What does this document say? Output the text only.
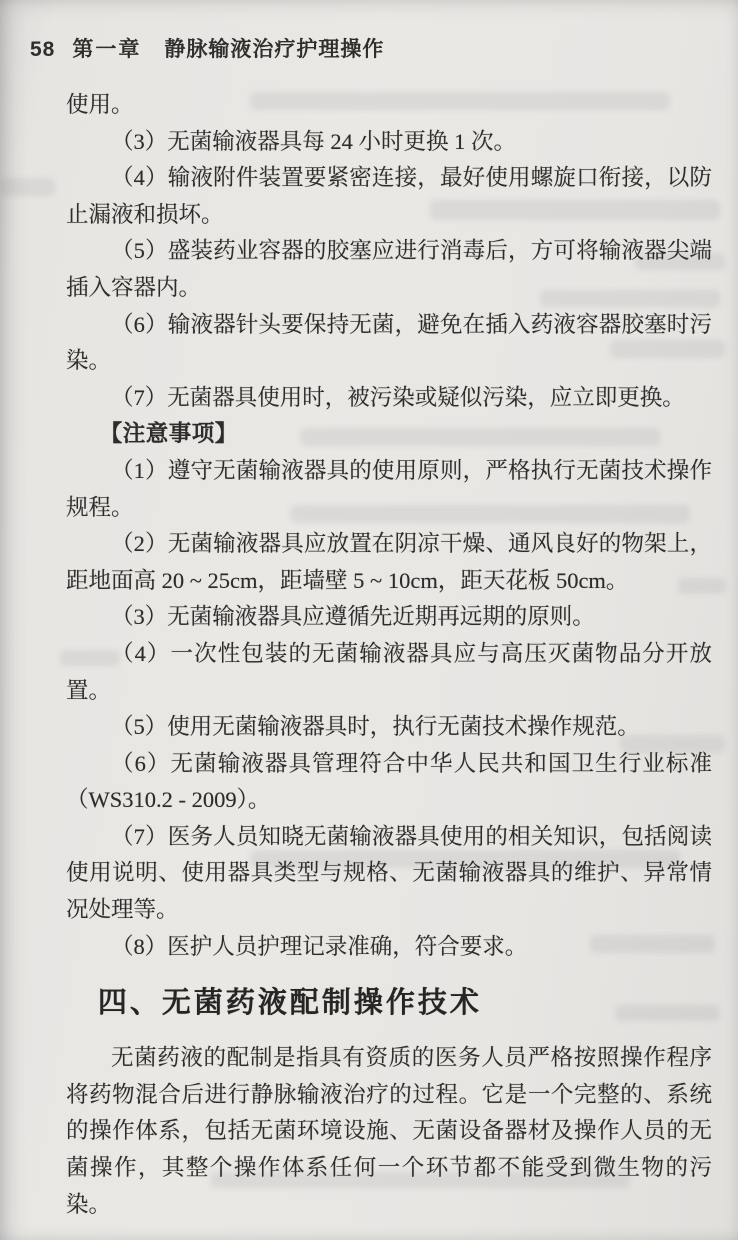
58 第一章 静脉输液治疗护理操作

使用。

（3）无菌输液器具每 24 小时更换 1 次。

（4）输液附件装置要紧密连接，最好使用螺旋口衔接，以防止漏液和损坏。

（5）盛装药业容器的胶塞应进行消毒后，方可将输液器尖端插入容器内。

（6）输液器针头要保持无菌，避免在插入药液容器胶塞时污染。

（7）无菌器具使用时，被污染或疑似污染，应立即更换。

【注意事项】

（1）遵守无菌输液器具的使用原则，严格执行无菌技术操作规程。

（2）无菌输液器具应放置在阴凉干燥、通风良好的物架上，距地面高 20 ~ 25cm，距墙壁 5 ~ 10cm，距天花板 50cm。

（3）无菌输液器具应遵循先近期再远期的原则。

（4）一次性包装的无菌输液器具应与高压灭菌物品分开放置。

（5）使用无菌输液器具时，执行无菌技术操作规范。

（6）无菌输液器具管理符合中华人民共和国卫生行业标准（WS310.2 - 2009）。

（7）医务人员知晓无菌输液器具使用的相关知识，包括阅读使用说明、使用器具类型与规格、无菌输液器具的维护、异常情况处理等。

（8）医护人员护理记录准确，符合要求。

四、无菌药液配制操作技术

无菌药液的配制是指具有资质的医务人员严格按照操作程序将药物混合后进行静脉输液治疗的过程。它是一个完整的、系统的操作体系，包括无菌环境设施、无菌设备器材及操作人员的无菌操作，其整个操作体系任何一个环节都不能受到微生物的污染。
